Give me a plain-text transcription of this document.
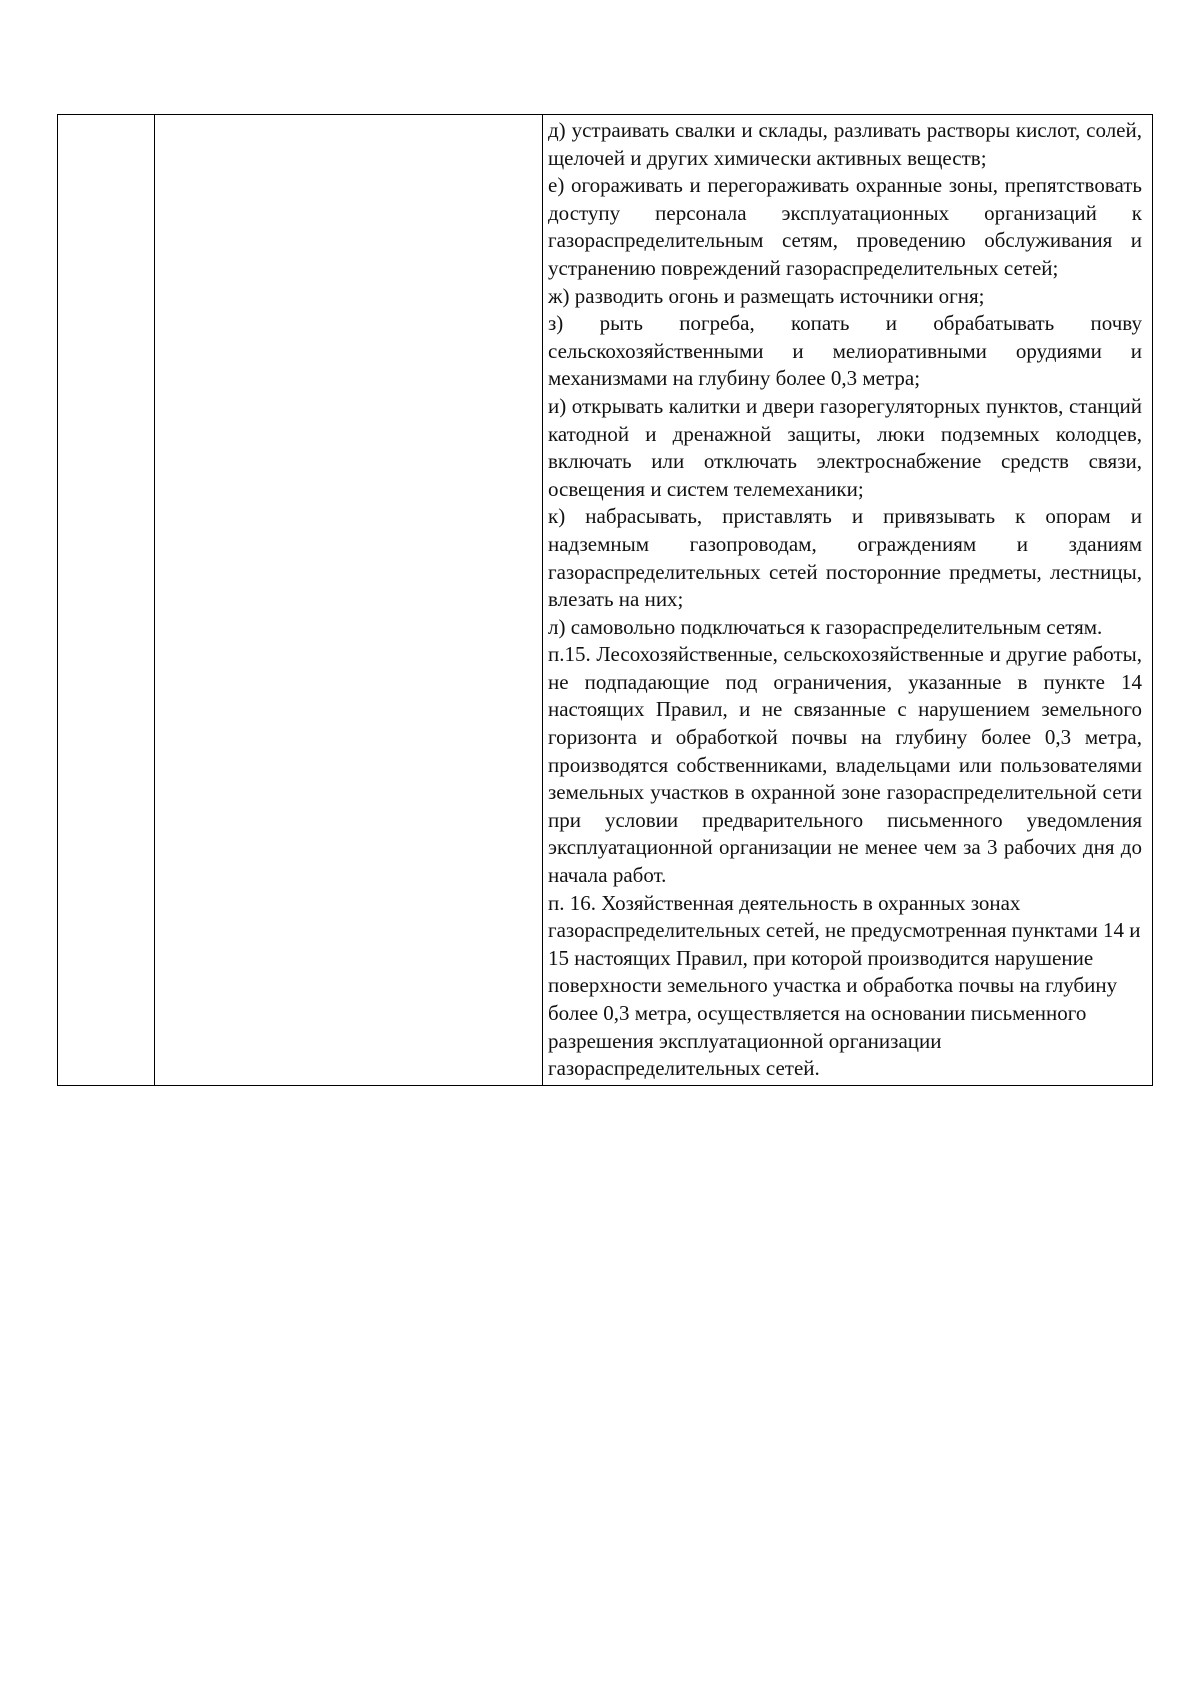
д) устраивать свалки и склады, разливать растворы кислот, солей, щелочей и других химически активных веществ;

е) огораживать и перегораживать охранные зоны, препятствовать доступу персонала эксплуатационных организаций к газораспределительным сетям, проведению обслуживания и устранению повреждений газораспределительных сетей;

ж) разводить огонь и размещать источники огня;

з) рыть погреба, копать и обрабатывать почву сельскохозяйственными и мелиоративными орудиями и механизмами на глубину более 0,3 метра;

и) открывать калитки и двери газорегуляторных пунктов, станций катодной и дренажной защиты, люки подземных колодцев, включать или отключать электроснабжение средств связи, освещения и систем телемеханики;

к) набрасывать, приставлять и привязывать к опорам и надземным газопроводам, ограждениям и зданиям газораспределительных сетей посторонние предметы, лестницы, влезать на них;

л) самовольно подключаться к газораспределительным сетям.

п.15. Лесохозяйственные, сельскохозяйственные и другие работы, не подпадающие под ограничения, указанные в пункте 14 настоящих Правил, и не связанные с нарушением земельного горизонта и обработкой почвы на глубину более 0,3 метра, производятся собственниками, владельцами или пользователями земельных участков в охранной зоне газораспределительной сети при условии предварительного письменного уведомления эксплуатационной организации не менее чем за 3 рабочих дня до начала работ.

п. 16. Хозяйственная деятельность в охранных зонах газораспределительных сетей, не предусмотренная пунктами 14 и 15 настоящих Правил, при которой производится нарушение поверхности земельного участка и обработка почвы на глубину более 0,3 метра, осуществляется на основании письменного разрешения эксплуатационной организации газораспределительных сетей.
